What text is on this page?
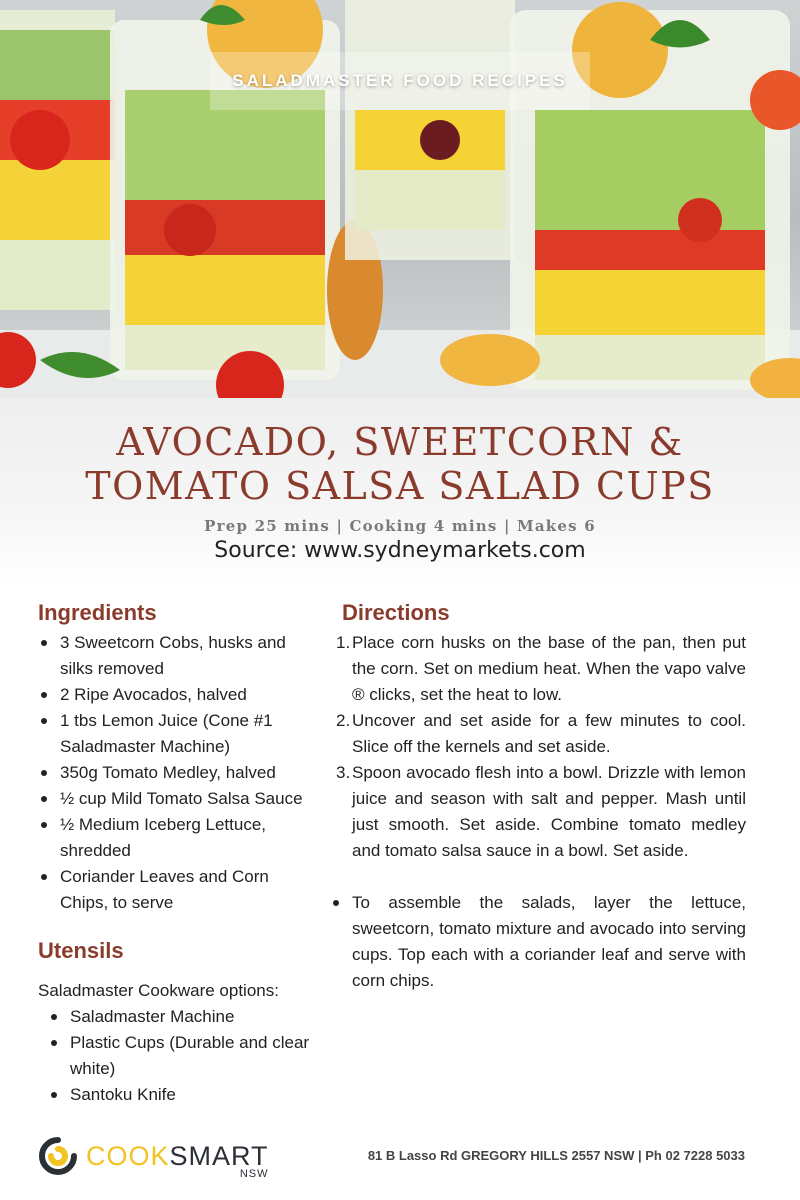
SALADMASTER FOOD RECIPES
AVOCADO, SWEETCORN &
TOMATO SALSA SALAD CUPS
Prep 25 mins | Cooking 4 mins | Makes 6
Source: www.sydneymarkets.com
Ingredients
3 Sweetcorn Cobs, husks and silks removed
2 Ripe Avocados, halved
1 tbs Lemon Juice (Cone #1 Saladmaster Machine)
350g Tomato Medley, halved
½ cup Mild Tomato Salsa Sauce
½ Medium Iceberg Lettuce, shredded
Coriander Leaves and Corn Chips, to serve
Utensils
Saladmaster Cookware options:
Saladmaster Machine
Plastic Cups (Durable and clear white)
Santoku Knife
Directions
1. Place corn husks on the base of the pan, then put the corn. Set on medium heat. When the vapo valve ® clicks, set the heat to low.
2. Uncover and set aside for a few minutes to cool. Slice off the kernels and set aside.
3. Spoon avocado flesh into a bowl. Drizzle with lemon juice and season with salt and pepper. Mash until just smooth. Set aside. Combine tomato medley and tomato salsa sauce in a bowl. Set aside.
To assemble the salads, layer the lettuce, sweetcorn, tomato mixture and avocado into serving cups. Top each with a coriander leaf and serve with corn chips.
COOKSMART
NSW
81 B Lasso Rd GREGORY HILLS 2557 NSW | Ph 02 7228 5033
